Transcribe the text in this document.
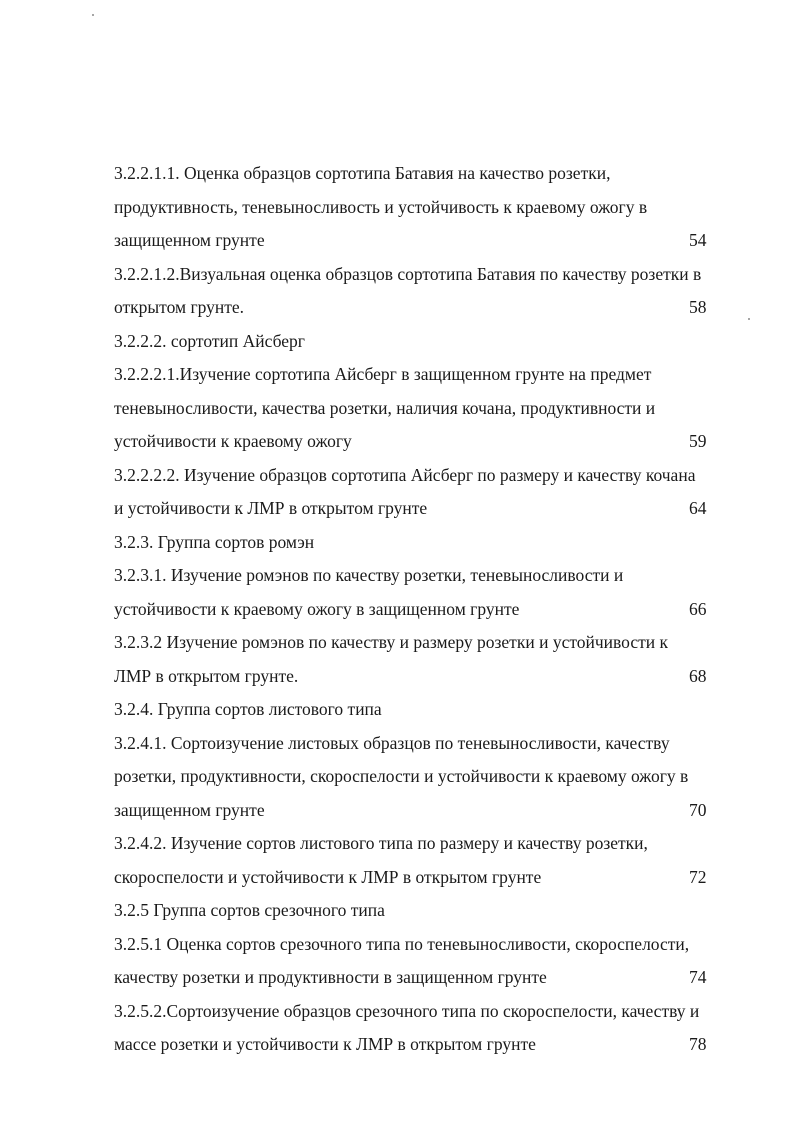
3.2.2.1.1. Оценка образцов сортотипа Батавия на качество розетки,
продуктивность, теневыносливость и устойчивость к краевому ожогу в
защищенном грунте	54
3.2.2.1.2.Визуальная оценка образцов сортотипа Батавия по качеству розетки в
открытом грунте.	58
3.2.2.2. сортотип Айсберг
3.2.2.2.1.Изучение сортотипа Айсберг в защищенном грунте на предмет
теневыносливости, качества розетки, наличия кочана, продуктивности и
устойчивости к краевому ожогу	59
3.2.2.2.2. Изучение образцов сортотипа Айсберг по размеру и качеству кочана
и устойчивости к ЛМР в открытом грунте	64
3.2.3. Группа сортов ромэн
3.2.3.1. Изучение ромэнов по качеству розетки, теневыносливости и
устойчивости к краевому ожогу в защищенном грунте	66
3.2.3.2 Изучение ромэнов по качеству и размеру розетки и устойчивости к
ЛМР в открытом грунте.	68
3.2.4. Группа сортов листового типа
3.2.4.1. Сортоизучение листовых образцов по теневыносливости, качеству
розетки, продуктивности, скороспелости и устойчивости к краевому ожогу в
защищенном грунте	70
3.2.4.2. Изучение сортов листового типа по размеру и качеству розетки,
скороспелости и устойчивости к ЛМР в открытом грунте	72
3.2.5 Группа сортов срезочного типа
3.2.5.1 Оценка сортов срезочного типа по теневыносливости, скороспелости,
качеству розетки и продуктивности в защищенном грунте	74
3.2.5.2.Сортоизучение образцов срезочного типа по скороспелости, качеству и
массе розетки и устойчивости к ЛМР в открытом грунте	78
